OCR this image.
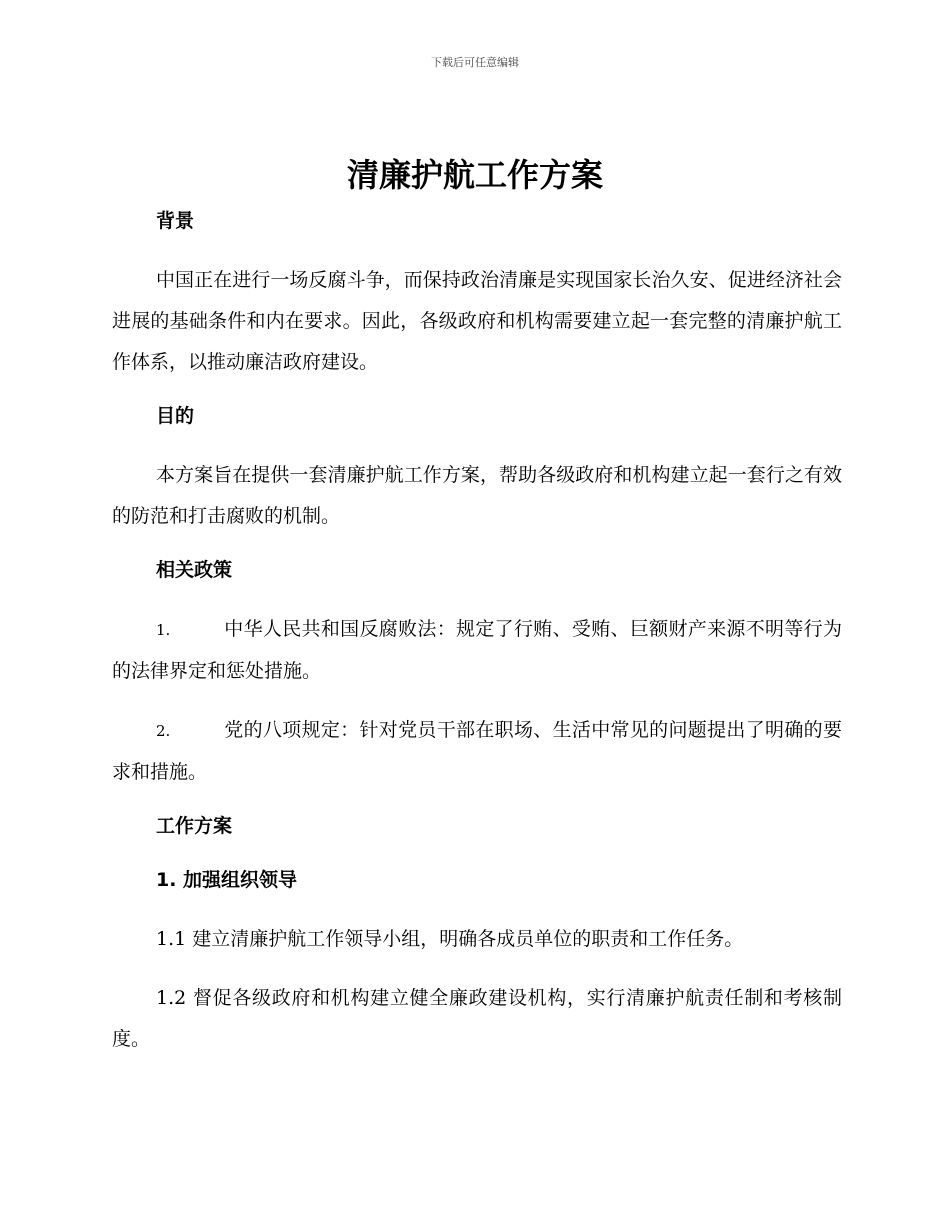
下载后可任意编辑
清廉护航工作方案
背景

中国正在进行一场反腐斗争，而保持政治清廉是实现国家长治久安、促进经济社会进展的基础条件和内在要求。因此，各级政府和机构需要建立起一套完整的清廉护航工作体系，以推动廉洁政府建设。

目的

本方案旨在提供一套清廉护航工作方案，帮助各级政府和机构建立起一套行之有效的防范和打击腐败的机制。

相关政策

1.	中华人民共和国反腐败法：规定了行贿、受贿、巨额财产来源不明等行为的法律界定和惩处措施。

2.	党的八项规定：针对党员干部在职场、生活中常见的问题提出了明确的要求和措施。

工作方案
1. 加强组织领导

1.1 建立清廉护航工作领导小组，明确各成员单位的职责和工作任务。

1.2 督促各级政府和机构建立健全廉政建设机构，实行清廉护航责任制和考核制度。
